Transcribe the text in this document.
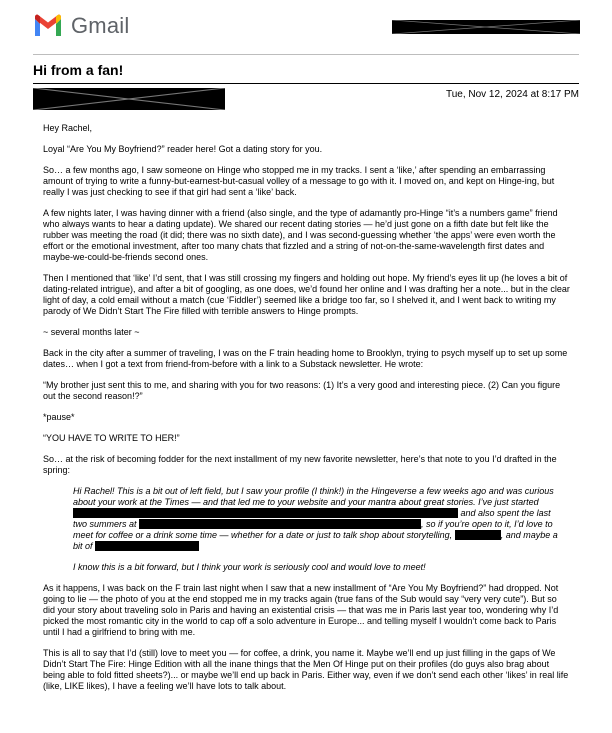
Gmail
Hi from a fan!
Tue, Nov 12, 2024 at 8:17 PM

Hey Rachel,

Loyal “Are You My Boyfriend?” reader here! Got a dating story for you.

So… a few months ago, I saw someone on Hinge who stopped me in my tracks. I sent a ‘like,’ after spending an embarrassing amount of trying to write a funny-but-earnest-but-casual volley of a message to go with it. I moved on, and kept on Hinge-ing, but really I was just checking to see if that girl had sent a ‘like’ back.

A few nights later, I was having dinner with a friend (also single, and the type of adamantly pro-Hinge “it’s a numbers game” friend who always wants to hear a dating update). We shared our recent dating stories — he’d just gone on a fifth date but felt like the rubber was meeting the road (it did; there was no sixth date), and I was second-guessing whether ‘the apps’ were even worth the effort or the emotional investment, after too many chats that fizzled and a string of not-on-the-same-wavelength first dates and maybe-we-could-be-friends second ones.

Then I mentioned that ‘like’ I’d sent, that I was still crossing my fingers and holding out hope. My friend’s eyes lit up (he loves a bit of dating-related intrigue), and after a bit of googling, as one does, we’d found her online and I was drafting her a note... but in the clear light of day, a cold email without a match (cue ‘Fiddler’) seemed like a bridge too far, so I shelved it, and I went back to writing my parody of We Didn’t Start The Fire filled with terrible answers to Hinge prompts.

~ several months later ~

Back in the city after a summer of traveling, I was on the F train heading home to Brooklyn, trying to psych myself up to set up some dates… when I got a text from friend-from-before with a link to a Substack newsletter. He wrote:

“My brother just sent this to me, and sharing with you for two reasons: (1) It’s a very good and interesting piece. (2) Can you figure out the second reason!?”

*pause*

“YOU HAVE TO WRITE TO HER!”

So… at the risk of becoming fodder for the next installment of my new favorite newsletter, here’s that note to you I’d drafted in the spring:

Hi Rachel! This is a bit out of left field, but I saw your profile (I think!) in the Hingeverse a few weeks ago and was curious about your work at the Times — and that led me to your website and your mantra about great stories. I’ve just started  and also spent the last two summers at	, so if you’re open to it, I’d love to meet for coffee or a drink some time — whether for a date or just to talk shop about storytelling,	, and maybe a bit of

I know this is a bit forward, but I think your work is seriously cool and would love to meet!

As it happens, I was back on the F train last night when I saw that a new installment of “Are You My Boyfriend?” had dropped. Not going to lie — the photo of you at the end stopped me in my tracks again (true fans of the Sub would say “very very cute”). But so did your story about traveling solo in Paris and having an existential crisis — that was me in Paris last year too, wondering why I’d picked the most romantic city in the world to cap off a solo adventure in Europe... and telling myself I wouldn’t come back to Paris until I had a girlfriend to bring with me.

This is all to say that I’d (still) love to meet you — for coffee, a drink, you name it. Maybe we’ll end up just filling in the gaps of We Didn’t Start The Fire: Hinge Edition with all the inane things that the Men Of Hinge put on their profiles (do guys also brag about being able to fold fitted sheets?)... or maybe we’ll end up back in Paris. Either way, even if we don’t send each other ‘likes’ in real life (like, LIKE likes), I have a feeling we’ll have lots to talk about.
